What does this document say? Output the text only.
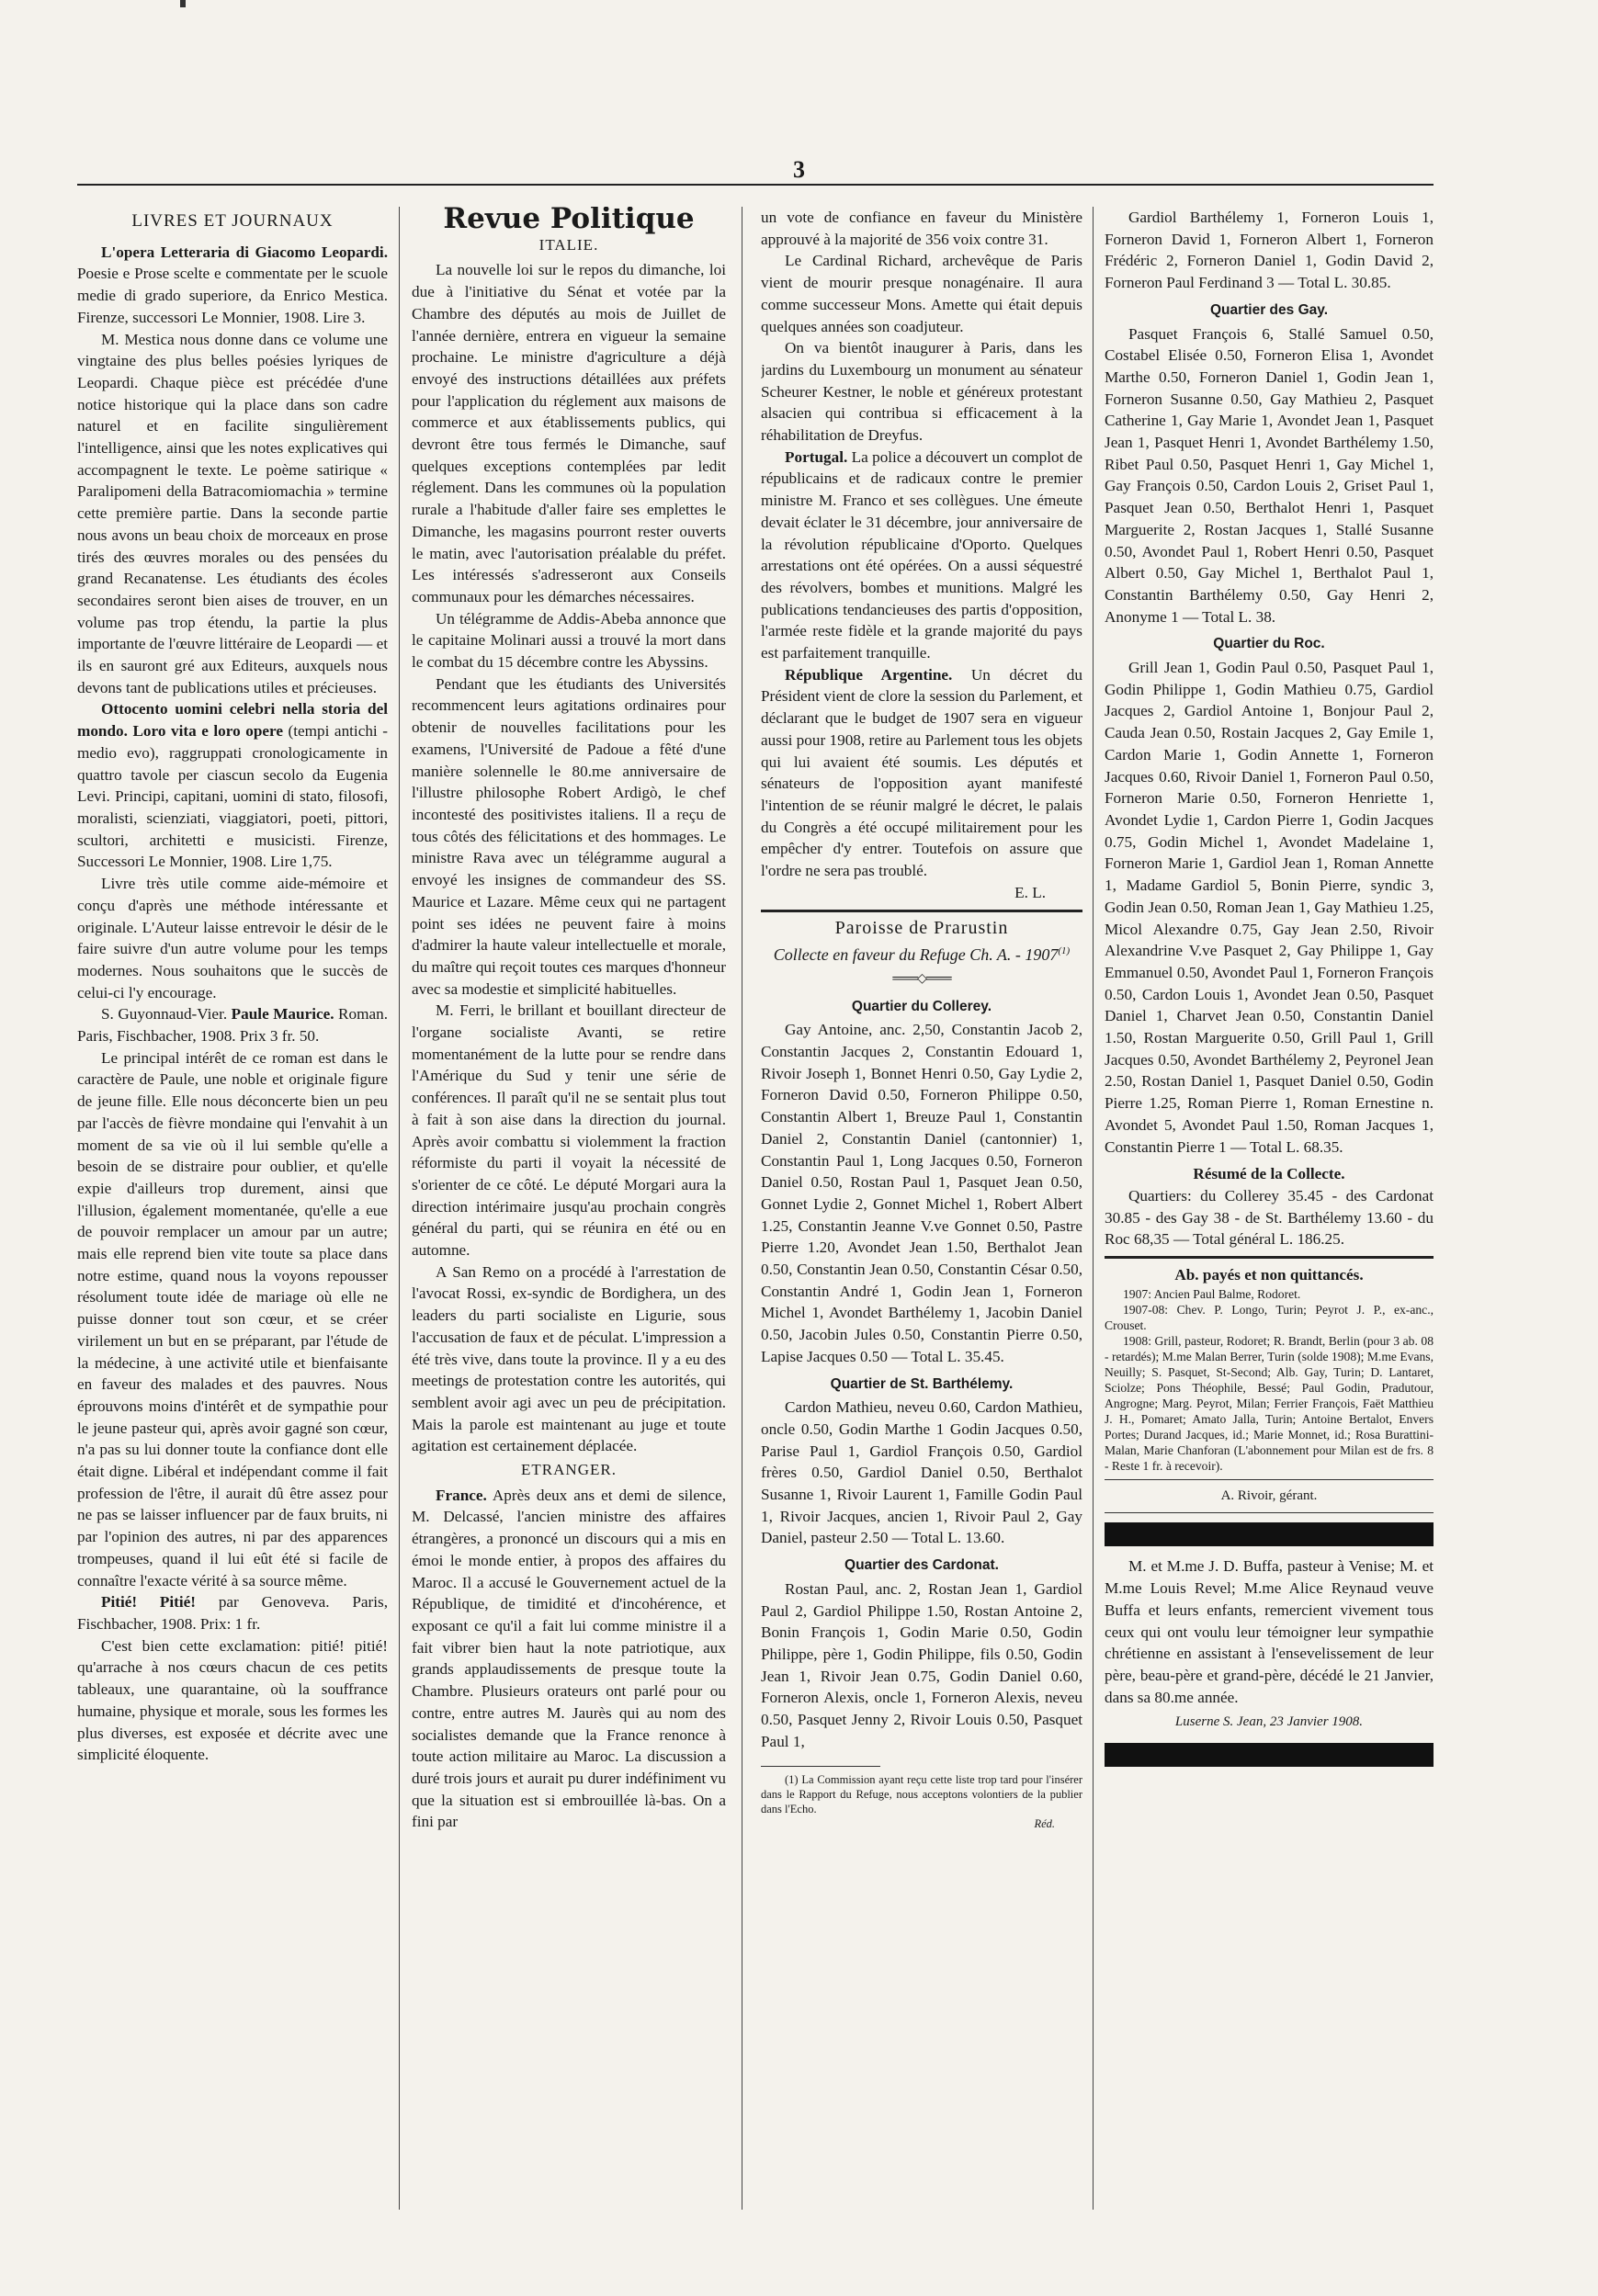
3
LIVRES ET JOURNAUX

L'opera Letteraria di Giacomo Leopardi. Poesie e Prose scelte e commentate per le scuole medie di grado superiore, da Enrico Mestica. Firenze, successori Le Monnier, 1908. Lire 3.

M. Mestica nous donne dans ce volume une vingtaine des plus belles poésies lyriques de Leopardi. Chaque pièce est précédée d'une notice historique qui la place dans son cadre naturel et en facilite singulièrement l'intelligence, ainsi que les notes explicatives qui accompagnent le texte. Le poème satirique « Paralipomeni della Batracomiomachia » termine cette première partie. Dans la seconde partie nous avons un beau choix de morceaux en prose tirés des œuvres morales ou des pensées du grand Recanatense. Les étudiants des écoles secondaires seront bien aises de trouver, en un volume pas trop étendu, la partie la plus importante de l'œuvre littéraire de Leopardi — et ils en sauront gré aux Editeurs, auxquels nous devons tant de publications utiles et précieuses.

Ottocento uomini celebri nella storia del mondo. Loro vita e loro opere (tempi antichi - medio evo), raggruppati cronologicamente in quattro tavole per ciascun secolo da Eugenia Levi. Principi, capitani, uomini di stato, filosofi, moralisti, scienziati, viaggiatori, poeti, pittori, scultori, architetti e musicisti. Firenze, Successori Le Monnier, 1908. Lire 1,75.

Livre très utile comme aide-mémoire et conçu d'après une méthode intéressante et originale. L'Auteur laisse entrevoir le désir de le faire suivre d'un autre volume pour les temps modernes. Nous souhaitons que le succès de celui-ci l'y encourage.

S. Guyonnaud-Vier. Paule Maurice. Roman. Paris, Fischbacher, 1908. Prix 3 fr. 50.

Le principal intérêt de ce roman est dans le caractère de Paule, une noble et originale figure de jeune fille. Elle nous déconcerte bien un peu par l'accès de fièvre mondaine qui l'envahit à un moment de sa vie où il lui semble qu'elle a besoin de se distraire pour oublier, et qu'elle expie d'ailleurs trop durement, ainsi que l'illusion, également momentanée, qu'elle a eue de pouvoir remplacer un amour par un autre; mais elle reprend bien vite toute sa place dans notre estime, quand nous la voyons repousser résolument toute idée de mariage où elle ne puisse donner tout son cœur, et se créer virilement un but en se préparant, par l'étude de la médecine, à une activité utile et bienfaisante en faveur des malades et des pauvres. Nous éprouvons moins d'intérêt et de sympathie pour le jeune pasteur qui, après avoir gagné son cœur, n'a pas su lui donner toute la confiance dont elle était digne. Libéral et indépendant comme il fait profession de l'être, il aurait dû être assez pour ne pas se laisser influencer par de faux bruits, ni par l'opinion des autres, ni par des apparences trompeuses, quand il lui eût été si facile de connaître l'exacte vérité à sa source même.

Pitié! Pitié! par Genoveva. Paris, Fischbacher, 1908. Prix: 1 fr.

C'est bien cette exclamation: pitié! pitié! qu'arrache à nos cœurs chacun de ces petits tableaux, une quarantaine, où la souffrance humaine, physique et morale, sous les formes les plus diverses, est exposée et décrite avec une simplicité éloquente.

Revue Politique
ITALIE.

La nouvelle loi sur le repos du dimanche, loi due à l'initiative du Sénat et votée par la Chambre des députés au mois de Juillet de l'année dernière, entrera en vigueur la semaine prochaine. Le ministre d'agriculture a déjà envoyé des instructions détaillées aux préfets pour l'application du réglement aux maisons de commerce et aux établissements publics, qui devront être tous fermés le Dimanche, sauf quelques exceptions contemplées par ledit réglement. Dans les communes où la population rurale a l'habitude d'aller faire ses emplettes le Dimanche, les magasins pourront rester ouverts le matin, avec l'autorisation préalable du préfet. Les intéressés s'adresseront aux Conseils communaux pour les démarches nécessaires.

Un télégramme de Addis-Abeba annonce que le capitaine Molinari aussi a trouvé la mort dans le combat du 15 décembre contre les Abyssins.

Pendant que les étudiants des Universités recommencent leurs agitations ordinaires pour obtenir de nouvelles facilitations pour les examens, l'Université de Padoue a fêté d'une manière solennelle le 80.me anniversaire de l'illustre philosophe Robert Ardigò, le chef incontesté des positivistes italiens. Il a reçu de tous côtés des félicitations et des hommages. Le ministre Rava avec un télégramme augural a envoyé les insignes de commandeur des SS. Maurice et Lazare. Même ceux qui ne partagent point ses idées ne peuvent faire à moins d'admirer la haute valeur intellectuelle et morale, du maître qui reçoit toutes ces marques d'honneur avec sa modestie et simplicité habituelles.

M. Ferri, le brillant et bouillant directeur de l'organe socialiste Avanti, se retire momentanément de la lutte pour se rendre dans l'Amérique du Sud y tenir une série de conférences. Il paraît qu'il ne se sentait plus tout à fait à son aise dans la direction du journal. Après avoir combattu si violemment la fraction réformiste du parti il voyait la nécessité de s'orienter de ce côté. Le député Morgari aura la direction intérimaire jusqu'au prochain congrès général du parti, qui se réunira en été ou en automne.

A San Remo on a procédé à l'arrestation de l'avocat Rossi, ex-syndic de Bordighera, un des leaders du parti socialiste en Ligurie, sous l'accusation de faux et de péculat. L'impression a été très vive, dans toute la province. Il y a eu des meetings de protestation contre les autorités, qui semblent avoir agi avec un peu de précipitation. Mais la parole est maintenant au juge et toute agitation est certainement déplacée.

ETRANGER.

France. Après deux ans et demi de silence, M. Delcassé, l'ancien ministre des affaires étrangères, a prononcé un discours qui a mis en émoi le monde entier, à propos des affaires du Maroc. Il a accusé le Gouvernement actuel de la République, de timidité et d'incohérence, et exposant ce qu'il a fait lui comme ministre il a fait vibrer bien haut la note patriotique, aux grands applaudissements de presque toute la Chambre. Plusieurs orateurs ont parlé pour ou contre, entre autres M. Jaurès qui au nom des socialistes demande que la France renonce à toute action militaire au Maroc. La discussion a duré trois jours et aurait pu durer indéfiniment vu que la situation est si embrouillée là-bas. On a fini par

un vote de confiance en faveur du Ministère approuvé à la majorité de 356 voix contre 31.

Le Cardinal Richard, archevêque de Paris vient de mourir presque nonagénaire. Il aura comme successeur Mons. Amette qui était depuis quelques années son coadjuteur.

On va bientôt inaugurer à Paris, dans les jardins du Luxembourg un monument au sénateur Scheurer Kestner, le noble et généreux protestant alsacien qui contribua si efficacement à la réhabilitation de Dreyfus.

Portugal. La police a découvert un complot de républicains et de radicaux contre le premier ministre M. Franco et ses collègues. Une émeute devait éclater le 31 décembre, jour anniversaire de la révolution républicaine d'Oporto. Quelques arrestations ont été opérées. On a aussi séquestré des révolvers, bombes et munitions. Malgré les publications tendancieuses des partis d'opposition, l'armée reste fidèle et la grande majorité du pays est parfaitement tranquille.

République Argentine. Un décret du Président vient de clore la session du Parlement, et déclarant que le budget de 1907 sera en vigueur aussi pour 1908, retire au Parlement tous les objets qui lui avaient été soumis. Les députés et sénateurs de l'opposition ayant manifesté l'intention de se réunir malgré le décret, le palais du Congrès a été occupé militairement pour les empêcher d'y entrer. Toutefois on assure que l'ordre ne sera pas troublé.

E. L.
Paroisse de Prarustin
Collecte en faveur du Refuge Ch. A. - 1907$^{(1)}$
═══◇═══
Quartier du Collerey.

Gay Antoine, anc. 2,50, Constantin Jacob 2, Constantin Jacques 2, Constantin Edouard 1, Rivoir Joseph 1, Bonnet Henri 0.50, Gay Lydie 2, Forneron David 0.50, Forneron Philippe 0.50, Constantin Albert 1, Breuze Paul 1, Constantin Daniel 2, Constantin Daniel (cantonnier) 1, Constantin Paul 1, Long Jacques 0.50, Forneron Daniel 0.50, Rostan Paul 1, Pasquet Jean 0.50, Gonnet Lydie 2, Gonnet Michel 1, Robert Albert 1.25, Constantin Jeanne V.ve Gonnet 0.50, Pastre Pierre 1.20, Avondet Jean 1.50, Berthalot Jean 0.50, Constantin Jean 0.50, Constantin César 0.50, Constantin André 1, Godin Jean 1, Forneron Michel 1, Avondet Barthélemy 1, Jacobin Daniel 0.50, Jacobin Jules 0.50, Constantin Pierre 0.50, Lapise Jacques 0.50 — Total L. 35.45.

Quartier de St. Barthélemy.

Cardon Mathieu, neveu 0.60, Cardon Mathieu, oncle 0.50, Godin Marthe 1 Godin Jacques 0.50, Parise Paul 1, Gardiol François 0.50, Gardiol frères 0.50, Gardiol Daniel 0.50, Berthalot Susanne 1, Rivoir Laurent 1, Famille Godin Paul 1, Rivoir Jacques, ancien 1, Rivoir Paul 2, Gay Daniel, pasteur 2.50 — Total L. 13.60.

Quartier des Cardonat.

Rostan Paul, anc. 2, Rostan Jean 1, Gardiol Paul 2, Gardiol Philippe 1.50, Rostan Antoine 2, Bonin François 1, Godin Marie 0.50, Godin Philippe, père 1, Godin Philippe, fils 0.50, Godin Jean 1, Rivoir Jean 0.75, Godin Daniel 0.60, Forneron Alexis, oncle 1, Forneron Alexis, neveu 0.50, Pasquet Jenny 2, Rivoir Louis 0.50, Pasquet Paul 1,

(1) La Commission ayant reçu cette liste trop tard pour l'insérer dans le Rapport du Refuge, nous acceptons volontiers de la publier dans l'Echo.

Réd.

Gardiol Barthélemy 1, Forneron Louis 1, Forneron David 1, Forneron Albert 1, Forneron Frédéric 2, Forneron Daniel 1, Godin David 2, Forneron Paul Ferdinand 3 — Total L. 30.85.

Quartier des Gay.

Pasquet François 6, Stallé Samuel 0.50, Costabel Elisée 0.50, Forneron Elisa 1, Avondet Marthe 0.50, Forneron Daniel 1, Godin Jean 1, Forneron Susanne 0.50, Gay Mathieu 2, Pasquet Catherine 1, Gay Marie 1, Avondet Jean 1, Pasquet Jean 1, Pasquet Henri 1, Avondet Barthélemy 1.50, Ribet Paul 0.50, Pasquet Henri 1, Gay Michel 1, Gay François 0.50, Cardon Louis 2, Griset Paul 1, Pasquet Jean 0.50, Berthalot Henri 1, Pasquet Marguerite 2, Rostan Jacques 1, Stallé Susanne 0.50, Avondet Paul 1, Robert Henri 0.50, Pasquet Albert 0.50, Gay Michel 1, Berthalot Paul 1, Constantin Barthélemy 0.50, Gay Henri 2, Anonyme 1 — Total L. 38.

Quartier du Roc.

Grill Jean 1, Godin Paul 0.50, Pasquet Paul 1, Godin Philippe 1, Godin Mathieu 0.75, Gardiol Jacques 2, Gardiol Antoine 1, Bonjour Paul 2, Cauda Jean 0.50, Rostain Jacques 2, Gay Emile 1, Cardon Marie 1, Godin Annette 1, Forneron Jacques 0.60, Rivoir Daniel 1, Forneron Paul 0.50, Forneron Marie 0.50, Forneron Henriette 1, Avondet Lydie 1, Cardon Pierre 1, Godin Jacques 0.75, Godin Michel 1, Avondet Madelaine 1, Forneron Marie 1, Gardiol Jean 1, Roman Annette 1, Madame Gardiol 5, Bonin Pierre, syndic 3, Godin Jean 0.50, Roman Jean 1, Gay Mathieu 1.25, Micol Alexandre 0.75, Gay Jean 2.50, Rivoir Alexandrine V.ve Pasquet 2, Gay Philippe 1, Gay Emmanuel 0.50, Avondet Paul 1, Forneron François 0.50, Cardon Louis 1, Avondet Jean 0.50, Pasquet Daniel 1, Charvet Jean 0.50, Constantin Daniel 1.50, Rostan Marguerite 0.50, Grill Paul 1, Grill Jacques 0.50, Avondet Barthélemy 2, Peyronel Jean 2.50, Rostan Daniel 1, Pasquet Daniel 0.50, Godin Pierre 1.25, Roman Pierre 1, Roman Ernestine n. Avondet 5, Avondet Paul 1.50, Roman Jacques 1, Constantin Pierre 1 — Total L. 68.35.

Résumé de la Collecte.

Quartiers: du Collerey 35.45 - des Cardonat 30.85 - des Gay 38 - de St. Barthélemy 13.60 - du Roc 68,35 — Total général L. 186.25.

Ab. payés et non quittancés.

1907: Ancien Paul Balme, Rodoret.

1907-08: Chev. P. Longo, Turin; Peyrot J. P., ex-anc., Crouset.

1908: Grill, pasteur, Rodoret; R. Brandt, Berlin (pour 3 ab. 08 - retardés); M.me Malan Berrer, Turin (solde 1908); M.me Evans, Neuilly; S. Pasquet, St-Second; Alb. Gay, Turin; D. Lantaret, Sciolze; Pons Théophile, Bessé; Paul Godin, Pradutour, Angrogne; Marg. Peyrot, Milan; Ferrier François, Faët Matthieu J. H., Pomaret; Amato Jalla, Turin; Antoine Bertalot, Envers Portes; Durand Jacques, id.; Marie Monnet, id.; Rosa Burattini-Malan, Marie Chanforan (L'abonnement pour Milan est de frs. 8 - Reste 1 fr. à recevoir).

A. Rivoir, gérant.

M. et M.me J. D. Buffa, pasteur à Venise; M. et M.me Louis Revel; M.me Alice Reynaud veuve Buffa et leurs enfants, remercient vivement tous ceux qui ont voulu leur témoigner leur sympathie chrétienne en assistant à l'ensevelissement de leur père, beau-père et grand-père, décédé le 21 Janvier, dans sa 80.me année.

Luserne S. Jean, 23 Janvier 1908.
